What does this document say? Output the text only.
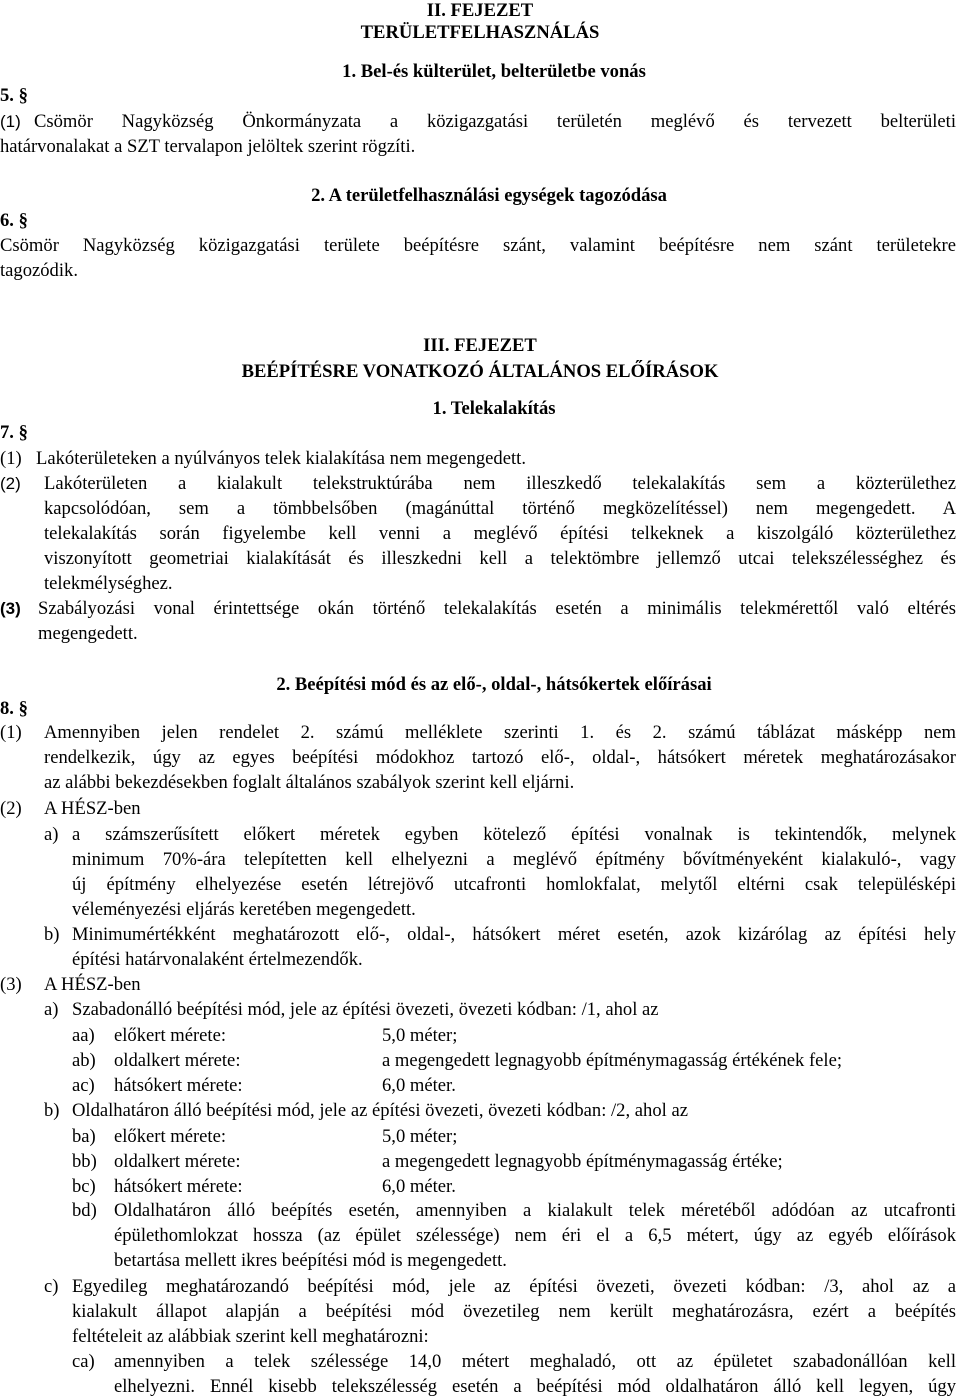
II. FEJEZET
TERÜLETFELHASZNÁLÁS
1. Bel-és külterület, belterületbe vonás
5. §
(1) Csömör Nagyközség Önkormányzata a közigazgatási területén meglévő és tervezett belterületi
határvonalakat a SZT tervalapon jelöltek szerint rögzíti.
2. A területfelhasználási egységek tagozódása
6. §
Csömör Nagyközség közigazgatási területe beépítésre szánt, valamint beépítésre nem szánt területekre
tagozódik.
III. FEJEZET
BEÉPÍTÉSRE VONATKOZÓ ÁLTALÁNOS ELŐÍRÁSOK
1. Telekalakítás
7. §
(1) Lakóterületeken a nyúlványos telek kialakítása nem megengedett.
(2) Lakóterületen a kialakult telekstruktúrába nem illeszkedő telekalakítás sem a közterülethez
kapcsolódóan, sem a tömbbelsőben (magánúttal történő megközelítéssel) nem megengedett. A
telekalakítás során figyelembe kell venni a meglévő építési telkeknek a kiszolgáló közterülethez
viszonyított geometriai kialakítását és illeszkedni kell a telektömbre jellemző utcai telekszélességhez és
telekmélységhez.
(3) Szabályozási vonal érintettsége okán történő telekalakítás esetén a minimális telekmérettől való eltérés
megengedett.
2. Beépítési mód és az elő-, oldal-, hátsókertek előírásai
8. §
(1) Amennyiben jelen rendelet 2. számú melléklete szerinti 1. és 2. számú táblázat másképp nem
rendelkezik, úgy az egyes beépítési módokhoz tartozó elő-, oldal-, hátsókert méretek meghatározásakor
az alábbi bekezdésekben foglalt általános szabályok szerint kell eljárni.
(2) A HÉSZ-ben
a) a számszerűsített előkert méretek egyben kötelező építési vonalnak is tekintendők, melynek
minimum 70%-ára telepítetten kell elhelyezni a meglévő építmény bővítményeként kialakuló-, vagy
új építmény elhelyezése esetén létrejövő utcafronti homlokfalat, melytől eltérni csak településképi
véleményezési eljárás keretében megengedett.
b) Minimumértékként meghatározott elő-, oldal-, hátsókert méret esetén, azok kizárólag az építési hely
építési határvonalaként értelmezendők.
(3) A HÉSZ-ben
a) Szabadonálló beépítési mód, jele az építési övezeti, övezeti kódban: /1, ahol az
aa) előkert mérete:	5,0 méter;
ab) oldalkert mérete:	a megengedett legnagyobb építménymagasság értékének fele;
ac) hátsókert mérete:	6,0 méter.
b) Oldalhatáron álló beépítési mód, jele az építési övezeti, övezeti kódban: /2, ahol az
ba) előkert mérete:	5,0 méter;
bb) oldalkert mérete:	a megengedett legnagyobb építménymagasság értéke;
bc) hátsókert mérete:	6,0 méter.
bd) Oldalhatáron álló beépítés esetén, amennyiben a kialakult telek méretéből adódóan az utcafronti
épülethomlokzat hossza (az épület szélessége) nem éri el a 6,5 métert, úgy az egyéb előírások
betartása mellett ikres beépítési mód is megengedett.
c) Egyedileg meghatározandó beépítési mód, jele az építési övezeti, övezeti kódban: /3, ahol az a
kialakult állapot alapján a beépítési mód övezetileg nem került meghatározásra, ezért a beépítés
feltételeit az alábbiak szerint kell meghatározni:
ca) amennyiben a telek szélessége 14,0 métert meghaladó, ott az épületet szabadonállóan kell
elhelyezni. Ennél kisebb telekszélesség esetén a beépítési mód oldalhatáron álló kell legyen, úgy
